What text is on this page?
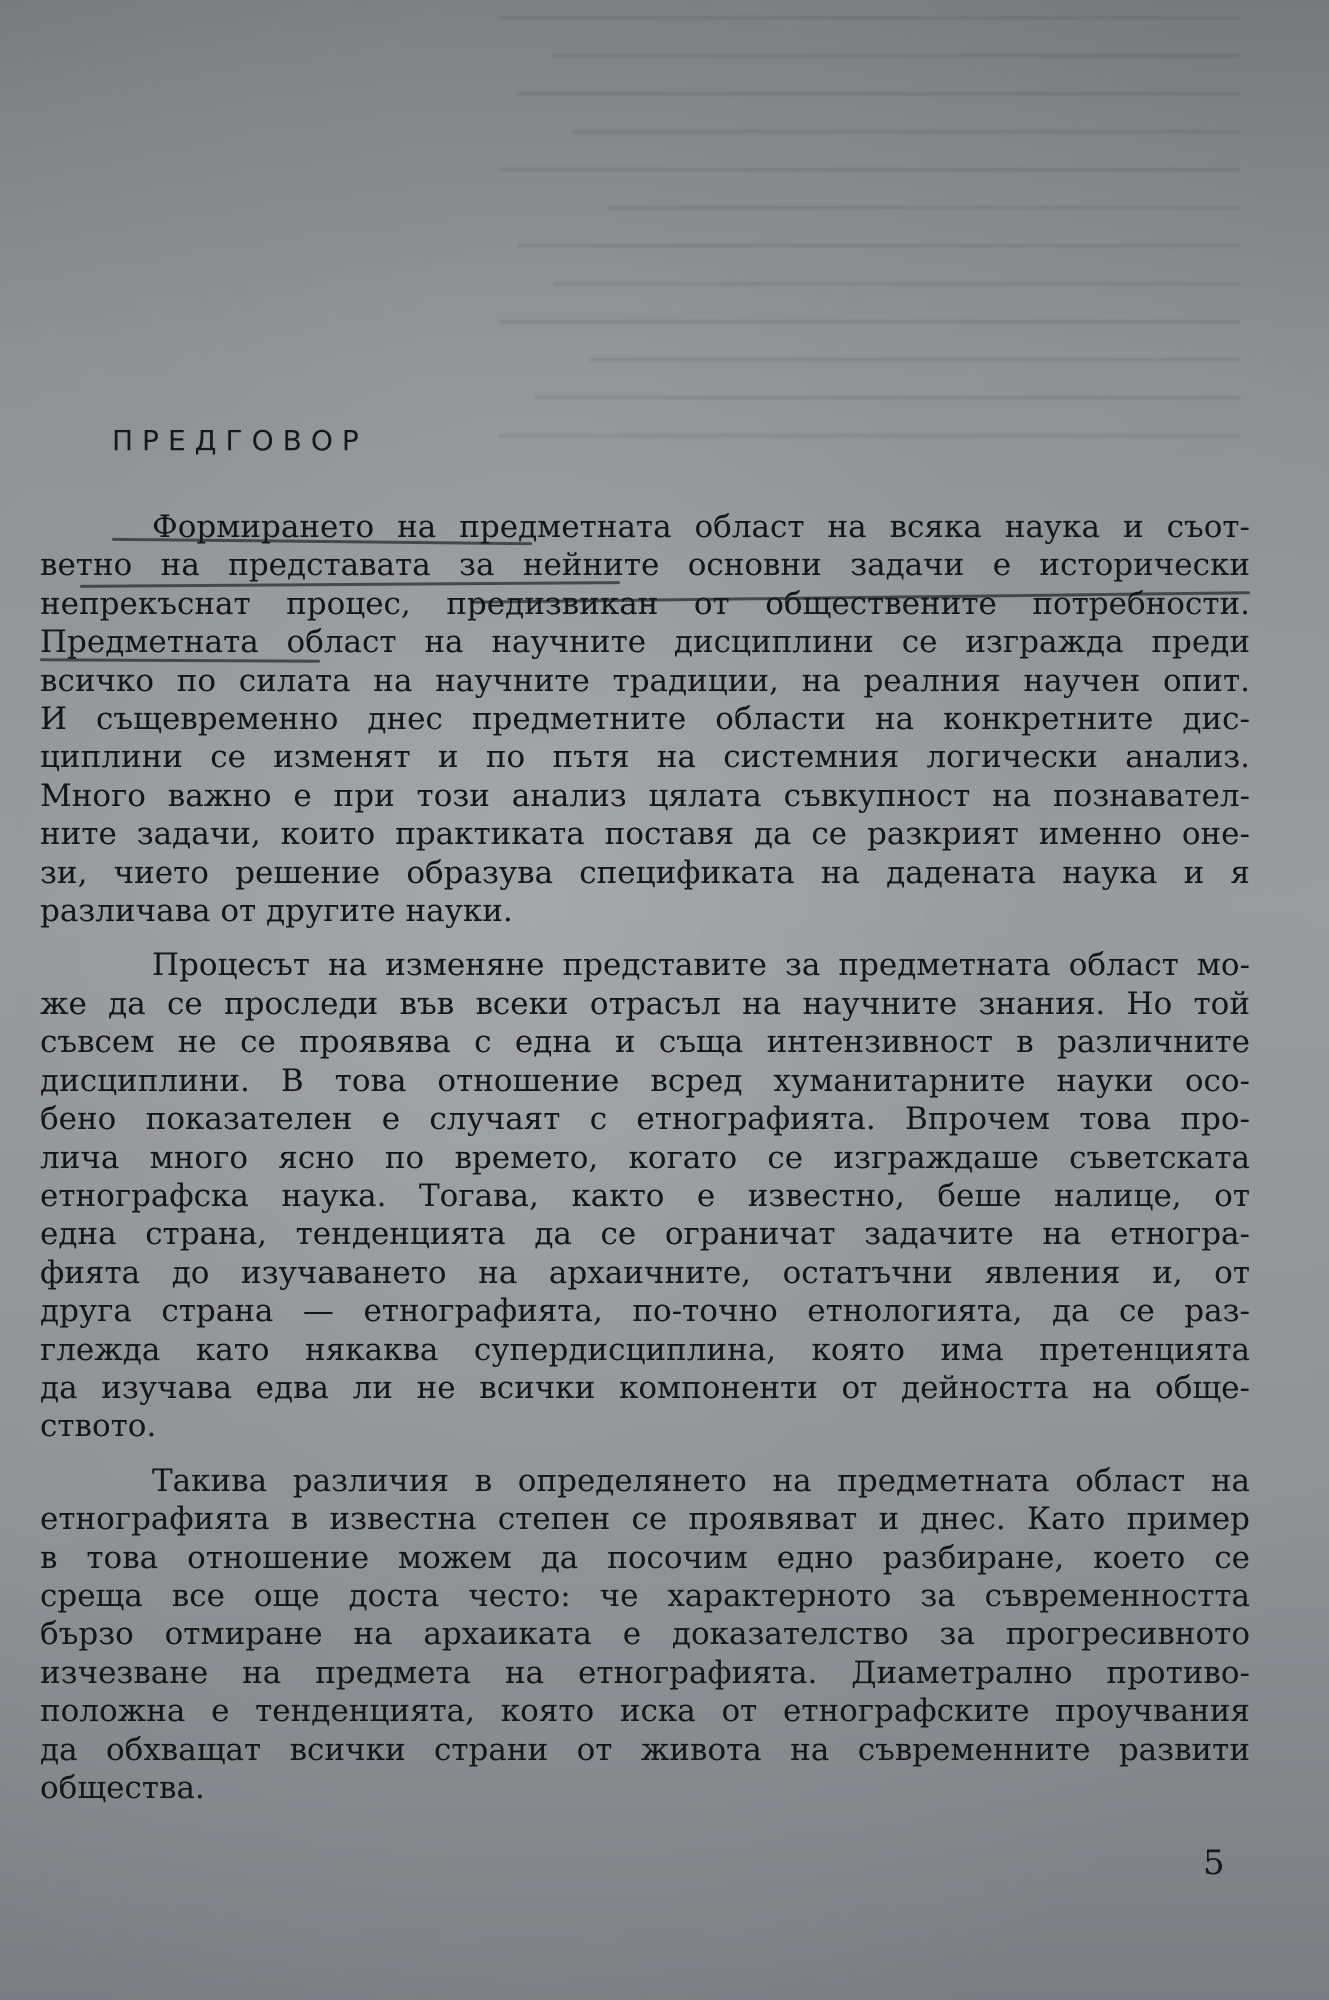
─────────────────────────────────────────
──────────────────────────────────────
────────────────────────────────────────
─────────────────────────────────────
─────────────────────────────────────────
───────────────────────────────────
────────────────────────────────────────
──────────────────────────────────────
─────────────────────────────────────────
────────────────────────────────────
───────────────────────────────────────
─────────────────────────────────────────
ПРЕДГОВОР
Формирането на предметната област на всяка наука и съот-
ветно на представата за нейните основни задачи е исторически
непрекъснат процес, предизвикан от обществените потребности.
Предметната област на научните дисциплини се изгражда преди
всичко по силата на научните традиции, на реалния научен опит.
И същевременно днес предметните области на конкретните дис-
циплини се изменят и по пътя на системния логически анализ.
Много важно е при този анализ цялата съвкупност на познавател-
ните задачи, които практиката поставя да се разкрият именно оне-
зи, чието решение образува спецификата на дадената наука и я
различава от другите науки.
Процесът на изменяне представите за предметната област мо-
же да се проследи във всеки отрасъл на научните знания. Но той
съвсем не се проявява с една и съща интензивност в различните
дисциплини. В това отношение всред хуманитарните науки осо-
бено показателен е случаят с етнографията. Впрочем това про-
лича много ясно по времето, когато се изграждаше съветската
етнографска наука. Тогава, както е известно, беше налице, от
една страна, тенденцията да се ограничат задачите на етногра-
фията до изучаването на архаичните, остатъчни явления и, от
друга страна — етнографията, по-точно етнологията, да се раз-
глежда като някаква супердисциплина, която има претенцията
да изучава едва ли не всички компоненти от дейността на обще-
ството.
Такива различия в определянето на предметната област на
етнографията в известна степен се проявяват и днес. Като пример
в това отношение можем да посочим едно разбиране, което се
среща все още доста често: че характерното за съвременността
бързо отмиране на архаиката е доказателство за прогресивното
изчезване на предмета на етнографията. Диаметрално противо-
положна е тенденцията, която иска от етнографските проучвания
да обхващат всички страни от живота на съвременните развити
общества.
5
